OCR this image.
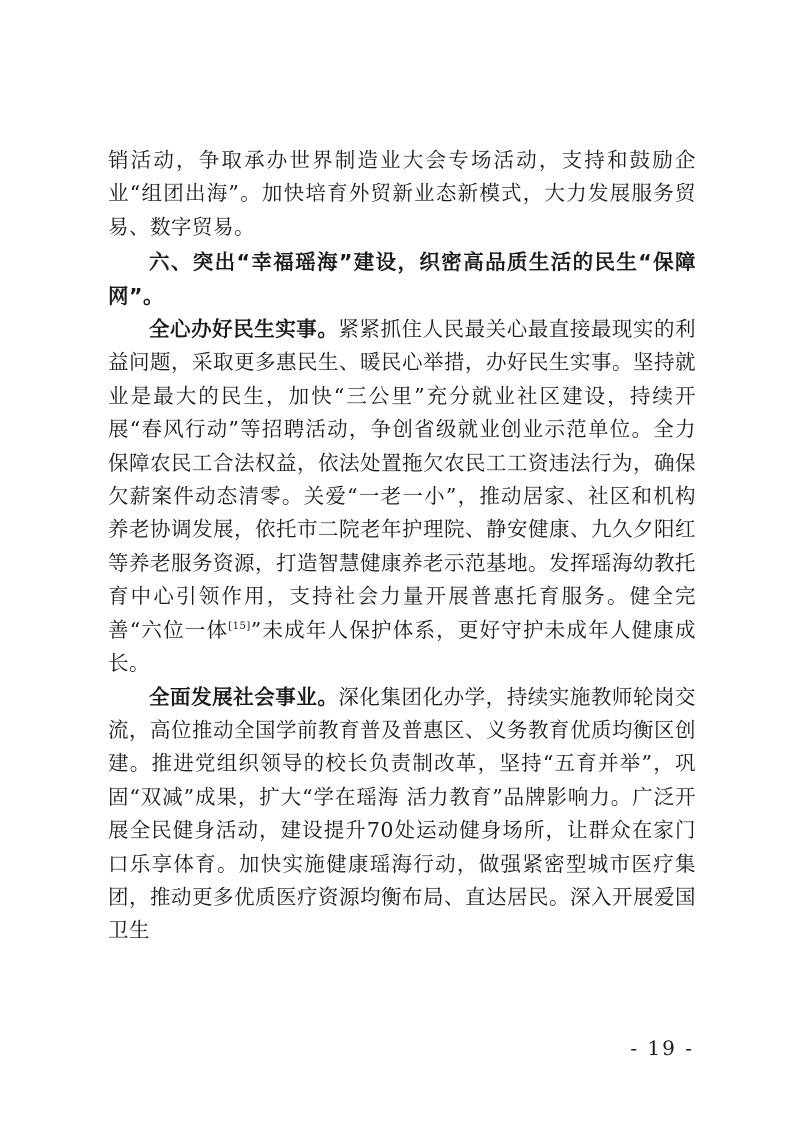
销活动，争取承办世界制造业大会专场活动，支持和鼓励企业“组团出海”。加快培育外贸新业态新模式，大力发展服务贸易、数字贸易。

六、突出“幸福瑶海”建设，织密高品质生活的民生“保障网”。

全心办好民生实事。紧紧抓住人民最关心最直接最现实的利益问题，采取更多惠民生、暖民心举措，办好民生实事。坚持就业是最大的民生，加快“三公里”充分就业社区建设，持续开展“春风行动”等招聘活动，争创省级就业创业示范单位。全力保障农民工合法权益，依法处置拖欠农民工工资违法行为，确保欠薪案件动态清零。关爱“一老一小”，推动居家、社区和机构养老协调发展，依托市二院老年护理院、静安健康、九久夕阳红等养老服务资源，打造智慧健康养老示范基地。发挥瑶海幼教托育中心引领作用，支持社会力量开展普惠托育服务。健全完善“六位一体[15]”未成年人保护体系，更好守护未成年人健康成长。

全面发展社会事业。深化集团化办学，持续实施教师轮岗交流，高位推动全国学前教育普及普惠区、义务教育优质均衡区创建。推进党组织领导的校长负责制改革，坚持“五育并举”，巩固“双减”成果，扩大“学在瑶海 活力教育”品牌影响力。广泛开展全民健身活动，建设提升70处运动健身场所，让群众在家门口乐享体育。加快实施健康瑶海行动，做强紧密型城市医疗集团，推动更多优质医疗资源均衡布局、直达居民。深入开展爱国卫生

- 19 -
